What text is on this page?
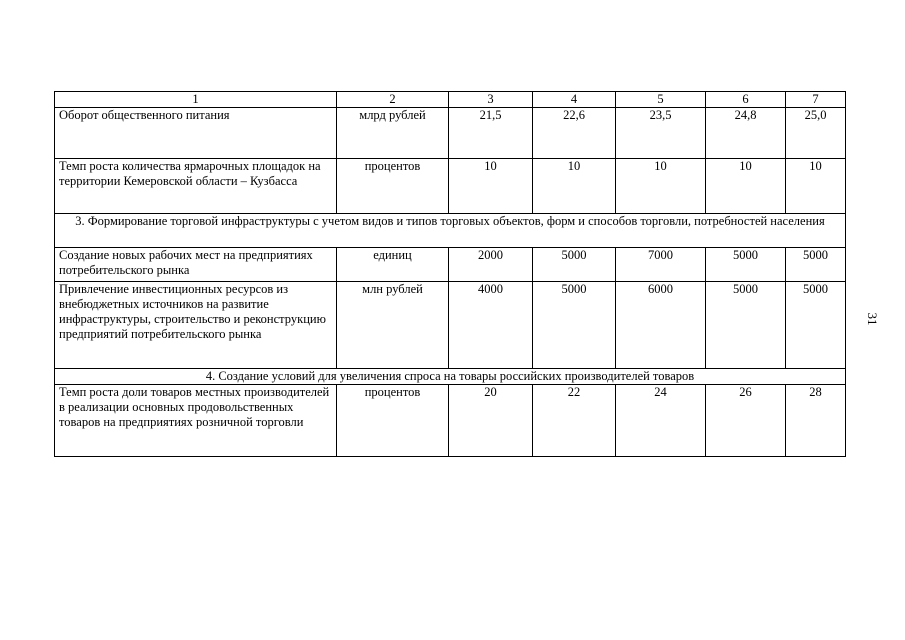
1	2	3	4	5	6	7
Оборот общественного питания	млрд рублей	21,5	22,6	23,5	24,8	25,0
Темп роста количества ярмарочных площадок на территории Кемеровской области – Кузбасса	процентов	10	10	10	10	10
3. Формирование торговой инфраструктуры с учетом видов и типов торговых объектов, форм и способов торговли, потребностей населения						
Создание новых рабочих мест на предприятиях потребительского рынка	единиц	2000	5000	7000	5000	5000
Привлечение инвестиционных ресурсов из внебюджетных источников на развитие инфраструктуры, строительство и реконструкцию предприятий потребительского рынка	млн рублей	4000	5000	6000	5000	5000
4. Создание условий для увеличения спроса на товары российских производителей товаров						
Темп роста доли товаров местных производителей в реализации основных продовольственных товаров на предприятиях розничной торговли	процентов	20	22	24	26	28
31
